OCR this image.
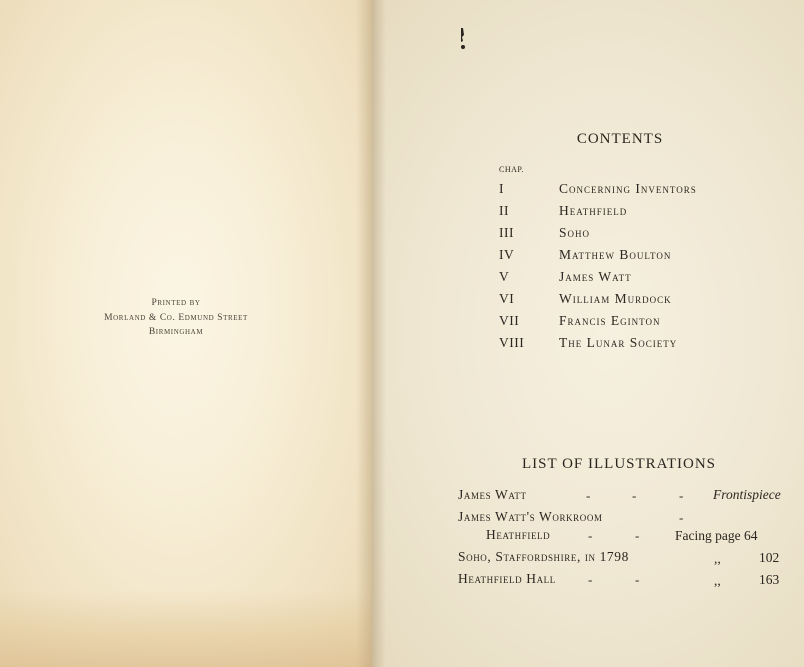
Printed by
Morland & Co. Edmund Street
Birmingham
CONTENTS
CHAP.
I	Concerning Inventors
II	Heathfield
III	Soho
IV	Matthew Boulton
V	James Watt
VI	William Murdock
VII	Francis Eginton
VIII	The Lunar Society
LIST OF ILLUSTRATIONS
James Watt	-	-	- Frontispiece
James Watt's Workroom	-
Heathfield	-	-	Facing page 64
Soho, Staffordshire, in 1798	,,	102
Heathfield Hall -	-	,,	163
